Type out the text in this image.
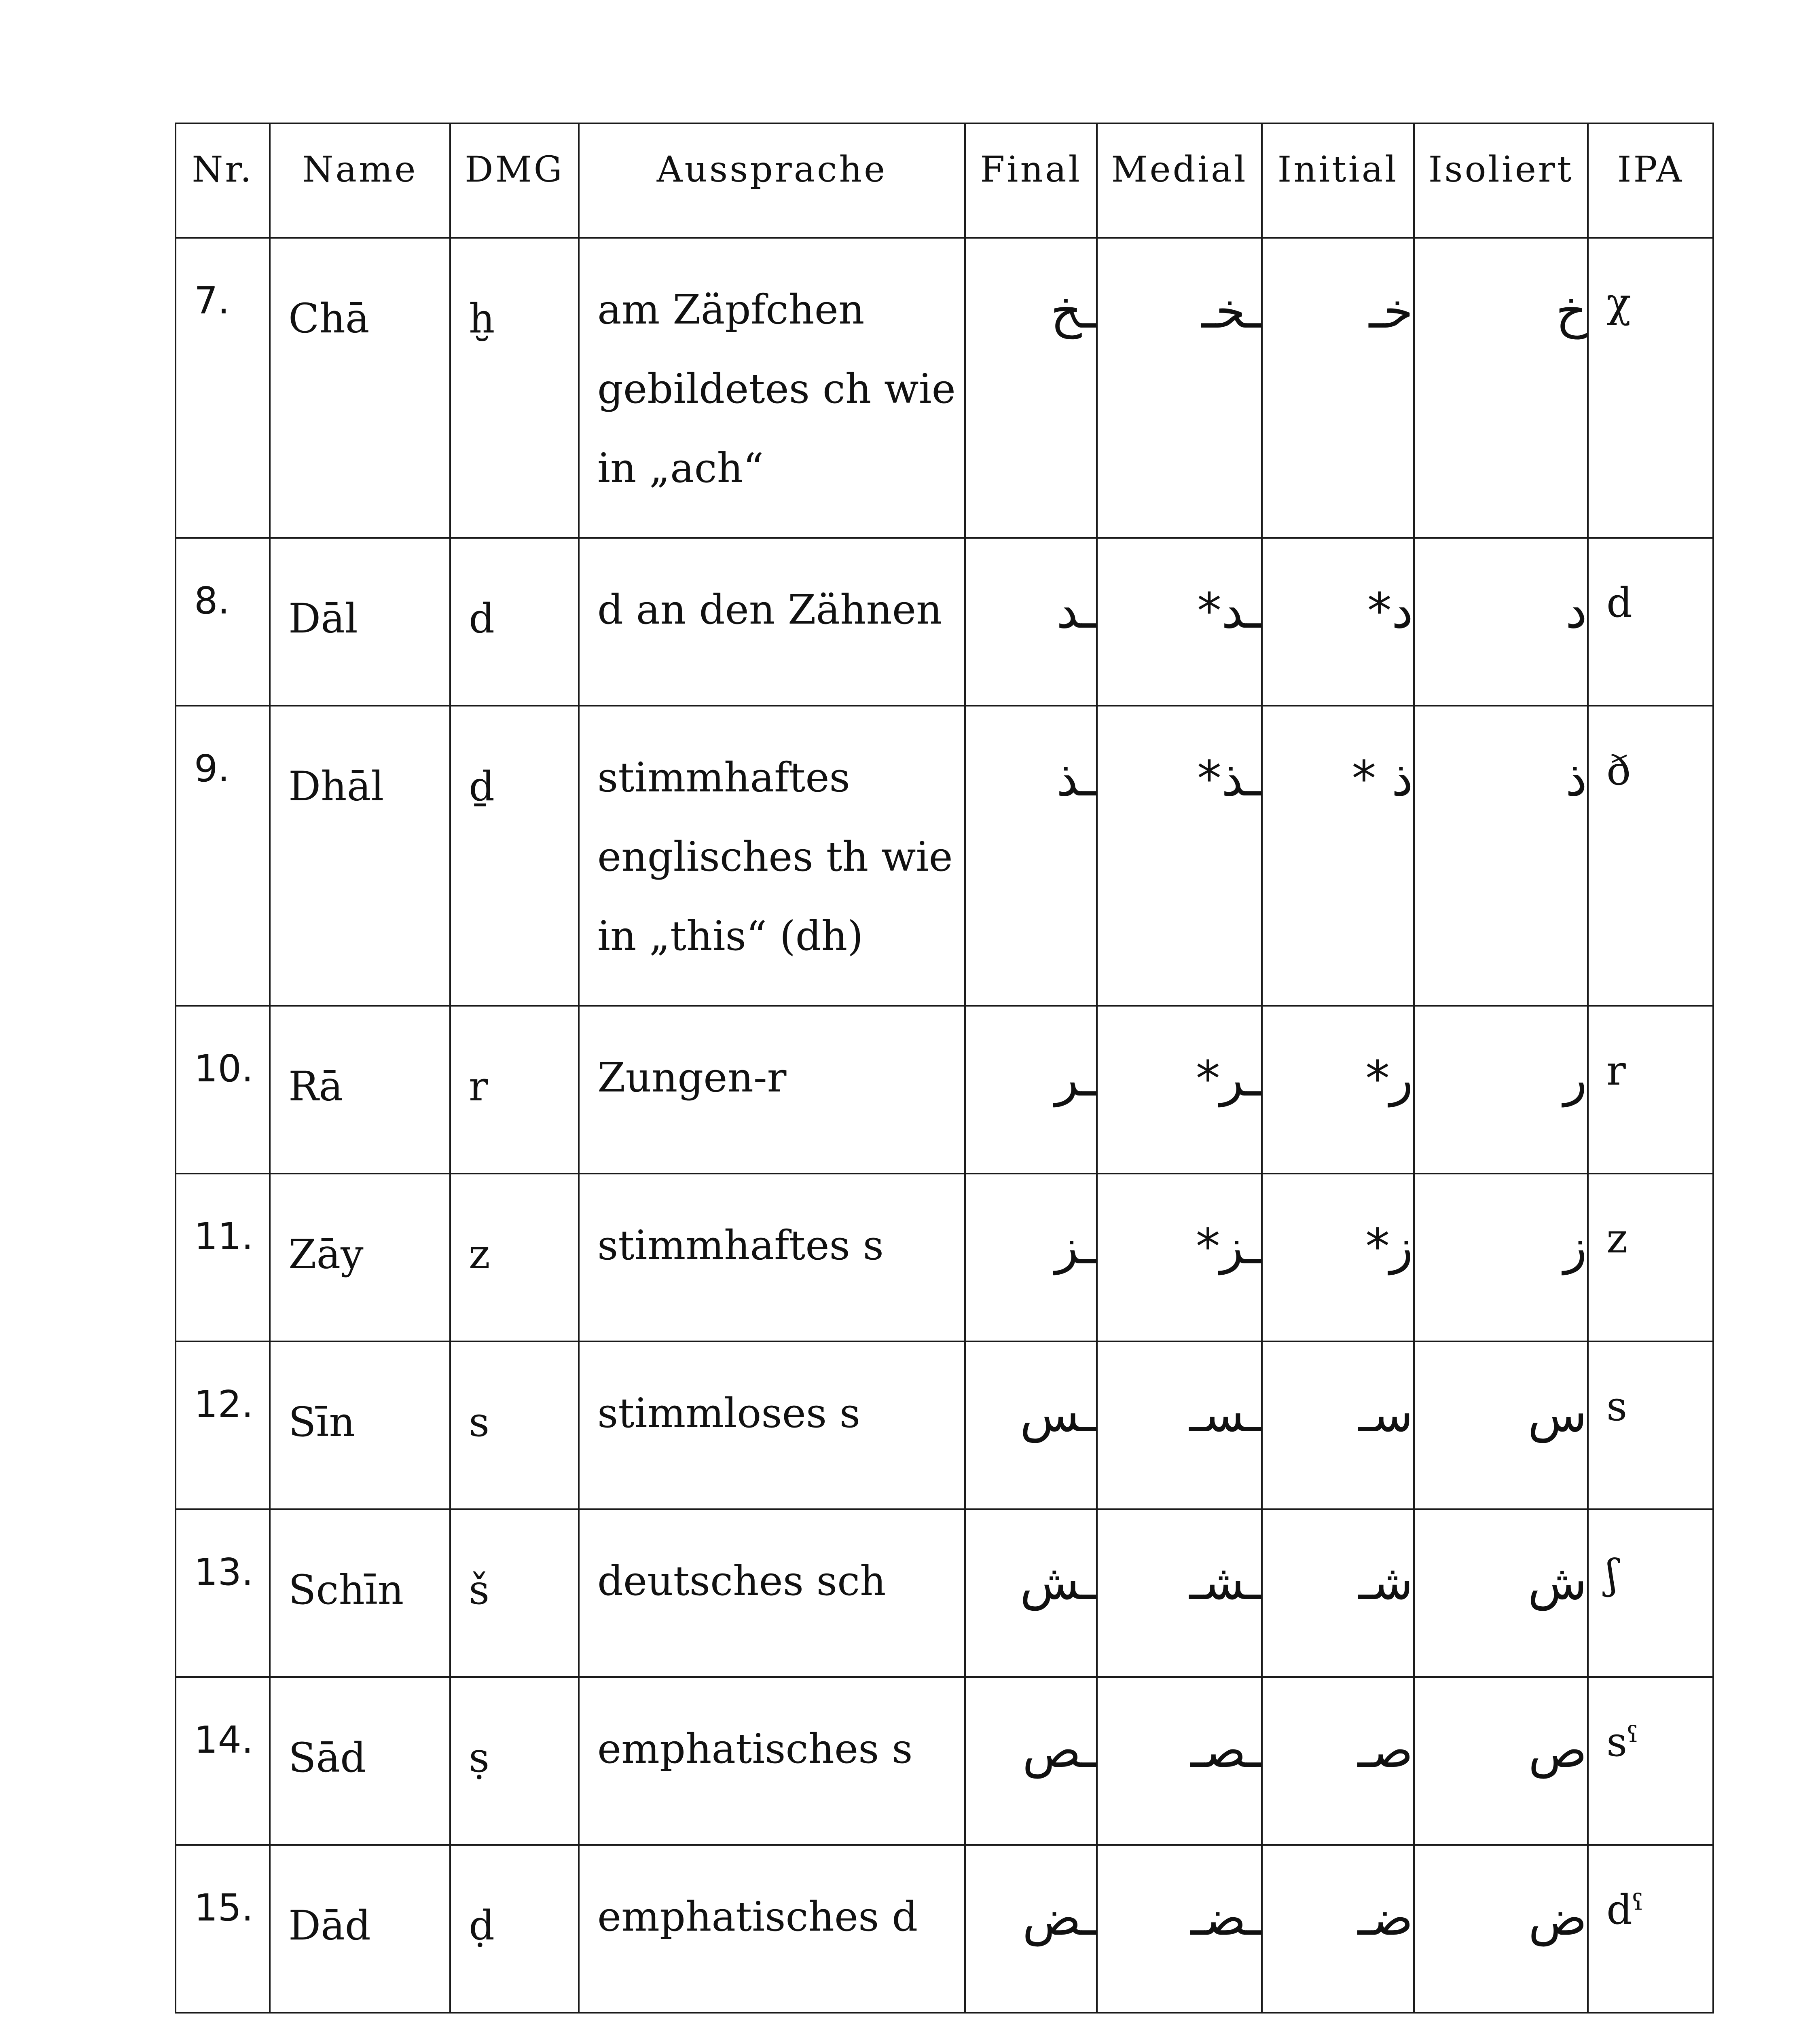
Nr.	Name	DMG	Aussprache	Final	Medial	Initial	Isoliert	IPA
7.	Chā	ḫ	am Zäpfchen gebildetes ch wie in „ach“	ـخ	ـخـ	خـ	خ	χ
8.	Dāl	d	d an den Zähnen	ـد	ـد*	د*	د	d
9.	Dhāl	ḏ	stimmhaftes englisches th wie in „this“ (dh)	ـذ	ـذ*	ذ *	ذ	ð
10.	Rā	r	Zungen-r	ـر	ـر*	ر*	ر	r
11.	Zāy	z	stimmhaftes s	ـز	ـز*	ز*	ز	z
12.	Sīn	s	stimmloses s	ـس	ـسـ	سـ	س	s
13.	Schīn	š	deutsches sch	ـش	ـشـ	شـ	ش	ʃ
14.	Sād	ṣ	emphatisches s	ـص	ـصـ	صـ	ص	sˤ
15.	Dād	ḍ	emphatisches d	ـض	ـضـ	ضـ	ض	dˤ
